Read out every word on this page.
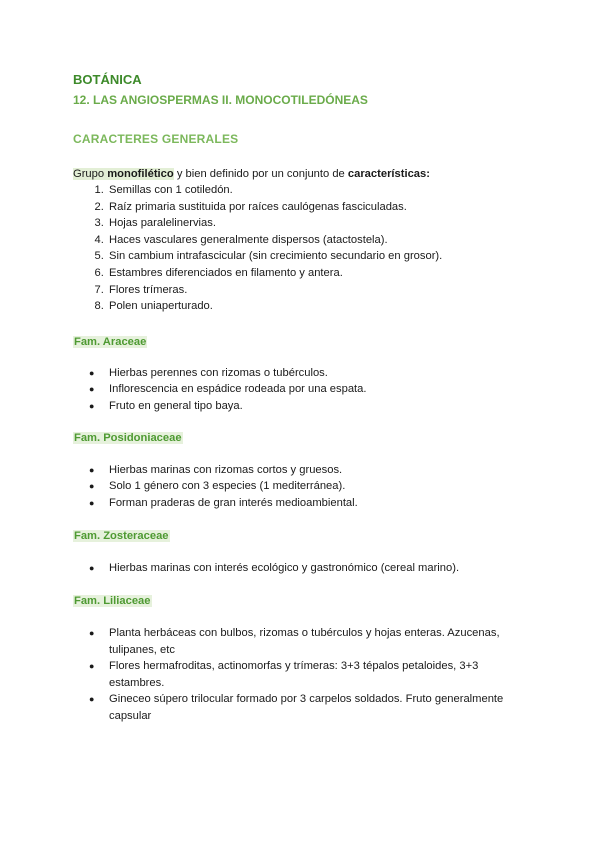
BOTÁNICA
12. LAS ANGIOSPERMAS II. MONOCOTILEDÓNEAS
CARACTERES GENERALES

Grupo monofilético y bien definido por un conjunto de características:

1. Semillas con 1 cotiledón.
2. Raíz primaria sustituida por raíces caulógenas fasciculadas.
3. Hojas paralelinervias.
4. Haces vasculares generalmente dispersos (atactostela).
5. Sin cambium intrafascicular (sin crecimiento secundario en grosor).
6. Estambres diferenciados en filamento y antera.
7. Flores trímeras.
8. Polen uniaperturado.

Fam. Araceae

● Hierbas perennes con rizomas o tubérculos.
● Inflorescencia en espádice rodeada por una espata.
● Fruto en general tipo baya.

Fam. Posidoniaceae

● Hierbas marinas con rizomas cortos y gruesos.
● Solo 1 género con 3 especies (1 mediterránea).
● Forman praderas de gran interés medioambiental.

Fam. Zosteraceae

● Hierbas marinas con interés ecológico y gastronómico (cereal marino).

Fam. Liliaceae

● Planta herbáceas con bulbos, rizomas o tubérculos y hojas enteras. Azucenas, tulipanes, etc
● Flores hermafroditas, actinomorfas y trímeras: 3+3 tépalos petaloides, 3+3 estambres.
● Gineceo súpero trilocular formado por 3 carpelos soldados. Fruto generalmente capsular
